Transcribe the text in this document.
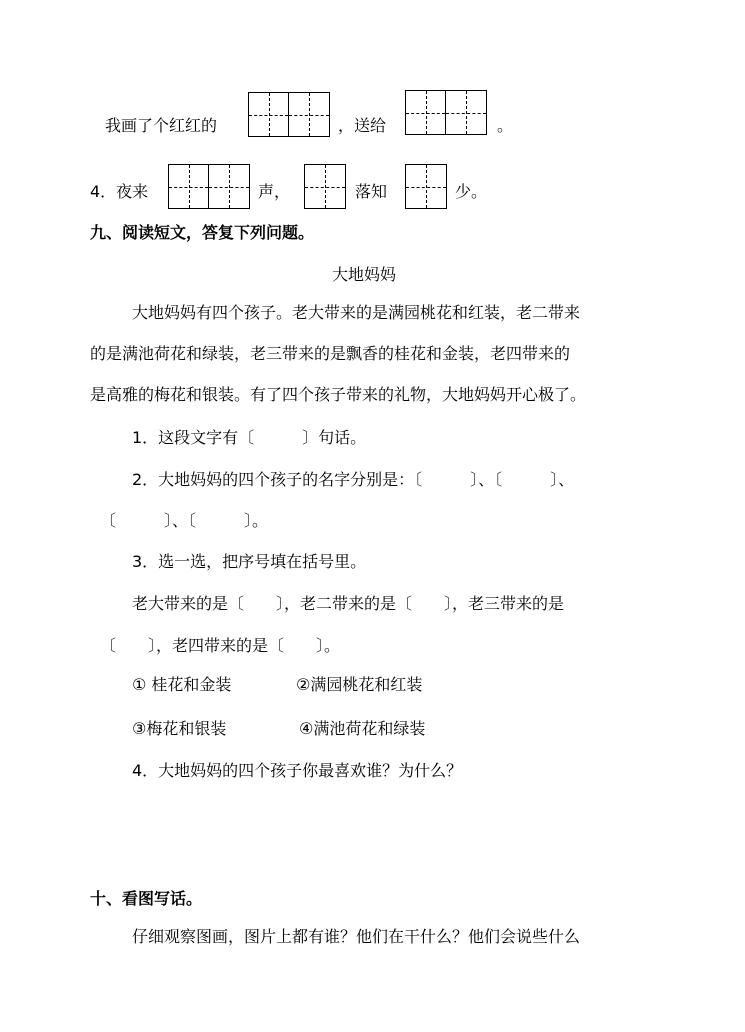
我画了个红红的	，送给	。
4．夜来	声，	落知	少。
九、阅读短文，答复下列问题。
大地妈妈
大地妈妈有四个孩子。老大带来的是满园桃花和红装，老二带来
的是满池荷花和绿装，老三带来的是飘香的桂花和金装，老四带来的
是高雅的梅花和银装。有了四个孩子带来的礼物，大地妈妈开心极了。
1．这段文字有〔　　　〕句话。
2．大地妈妈的四个孩子的名字分别是：〔　　　〕、〔　　　〕、
〔　　　〕、〔　　　〕。
3．选一选，把序号填在括号里。
老大带来的是〔　　〕，老二带来的是〔　　〕，老三带来的是
〔　　〕，老四带来的是〔　　〕。
① 桂花和金装	②满园桃花和红装
③梅花和银装	④满池荷花和绿装
4．大地妈妈的四个孩子你最喜欢谁？为什么？
十、看图写话。
仔细观察图画，图片上都有谁？他们在干什么？他们会说些什么
